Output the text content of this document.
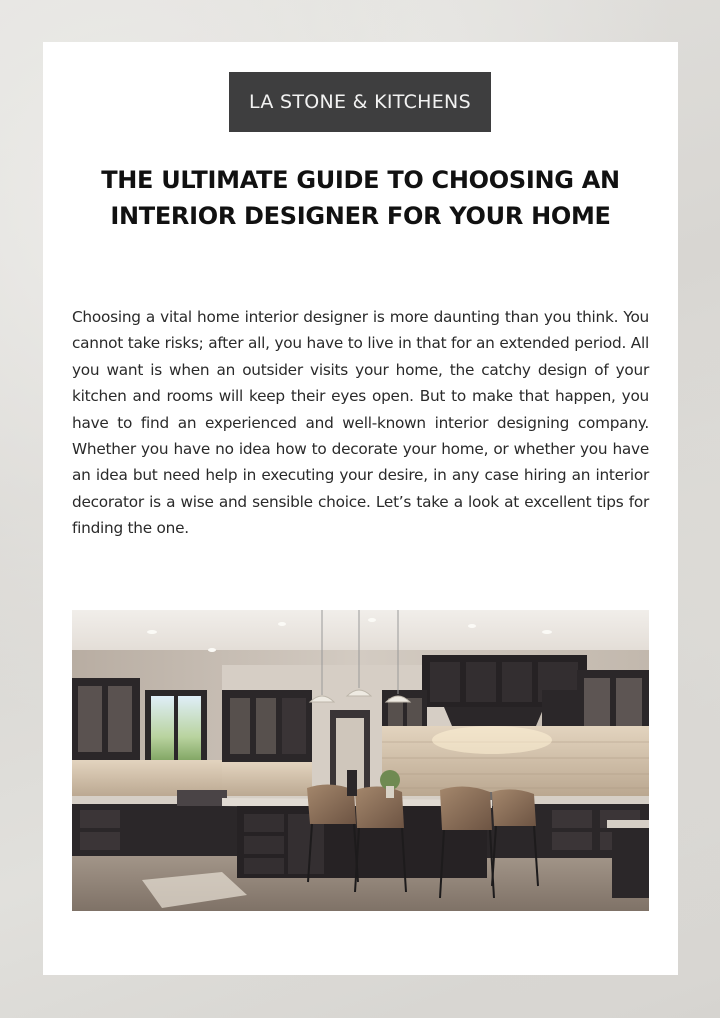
LA STONE & KITCHENS
THE ULTIMATE GUIDE TO CHOOSING AN INTERIOR DESIGNER FOR YOUR HOME

Choosing a vital home interior designer is more daunting than you think. You cannot take risks; after all, you have to live in that for an extended period. All you want is when an outsider visits your home, the catchy design of your kitchen and rooms will keep their eyes open. But to make that happen, you have to find an experienced and well-known interior designing company. Whether you have no idea how to decorate your home, or whether you have an idea but need help in executing your desire, in any case hiring an interior decorator is a wise and sensible choice. Let’s take a look at excellent tips for finding the one.
